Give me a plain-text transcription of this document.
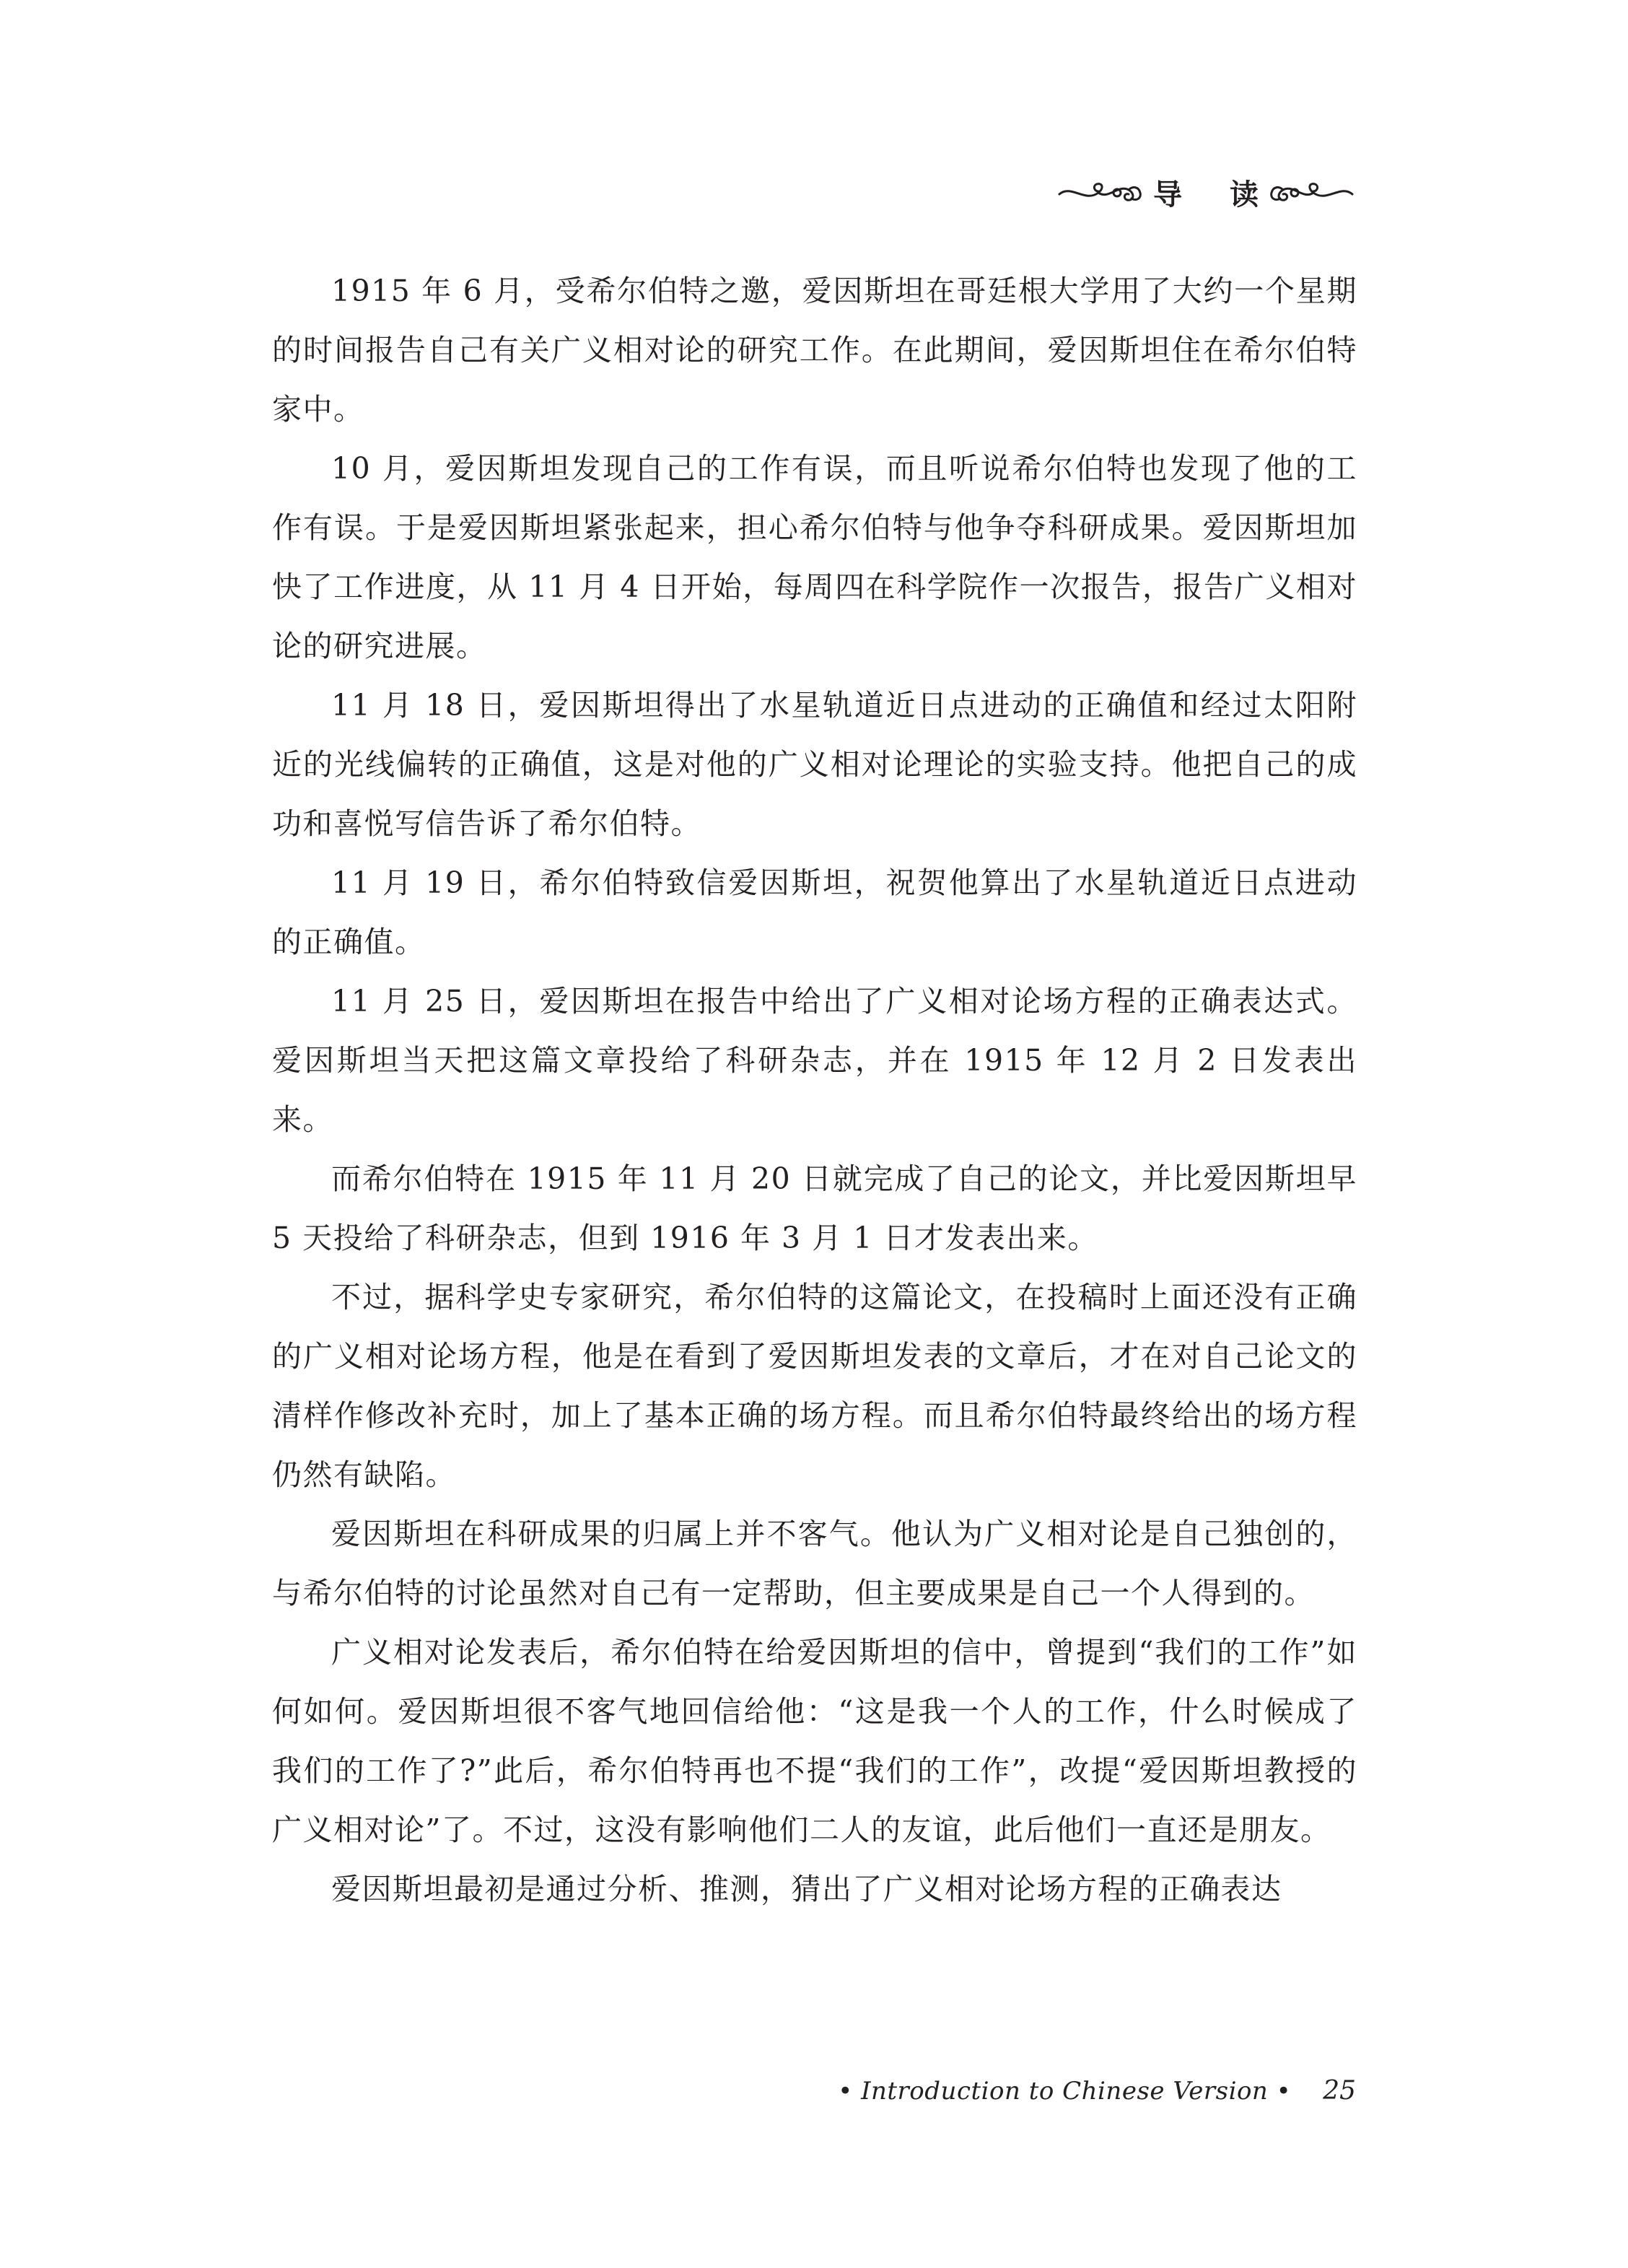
导 读

1915 年 6 月，受希尔伯特之邀，爱因斯坦在哥廷根大学用了大约一个星期的时间报告自己有关广义相对论的研究工作。在此期间，爱因斯坦住在希尔伯特家中。

10 月，爱因斯坦发现自己的工作有误，而且听说希尔伯特也发现了他的工作有误。于是爱因斯坦紧张起来，担心希尔伯特与他争夺科研成果。爱因斯坦加快了工作进度，从 11 月 4 日开始，每周四在科学院作一次报告，报告广义相对论的研究进展。

11 月 18 日，爱因斯坦得出了水星轨道近日点进动的正确值和经过太阳附近的光线偏转的正确值，这是对他的广义相对论理论的实验支持。他把自己的成功和喜悦写信告诉了希尔伯特。

11 月 19 日，希尔伯特致信爱因斯坦，祝贺他算出了水星轨道近日点进动的正确值。

11 月 25 日，爱因斯坦在报告中给出了广义相对论场方程的正确表达式。爱因斯坦当天把这篇文章投给了科研杂志，并在 1915 年 12 月 2 日发表出来。

而希尔伯特在 1915 年 11 月 20 日就完成了自己的论文，并比爱因斯坦早 5 天投给了科研杂志，但到 1916 年 3 月 1 日才发表出来。

不过，据科学史专家研究，希尔伯特的这篇论文，在投稿时上面还没有正确的广义相对论场方程，他是在看到了爱因斯坦发表的文章后，才在对自己论文的清样作修改补充时，加上了基本正确的场方程。而且希尔伯特最终给出的场方程仍然有缺陷。

爱因斯坦在科研成果的归属上并不客气。他认为广义相对论是自己独创的，与希尔伯特的讨论虽然对自己有一定帮助，但主要成果是自己一个人得到的。

广义相对论发表后，希尔伯特在给爱因斯坦的信中，曾提到“我们的工作”如何如何。爱因斯坦很不客气地回信给他：“这是我一个人的工作，什么时候成了我们的工作了?”此后，希尔伯特再也不提“我们的工作”，改提“爱因斯坦教授的广义相对论”了。不过，这没有影响他们二人的友谊，此后他们一直还是朋友。

爱因斯坦最初是通过分析、推测，猜出了广义相对论场方程的正确表达

• Introduction to Chinese Version • 25
